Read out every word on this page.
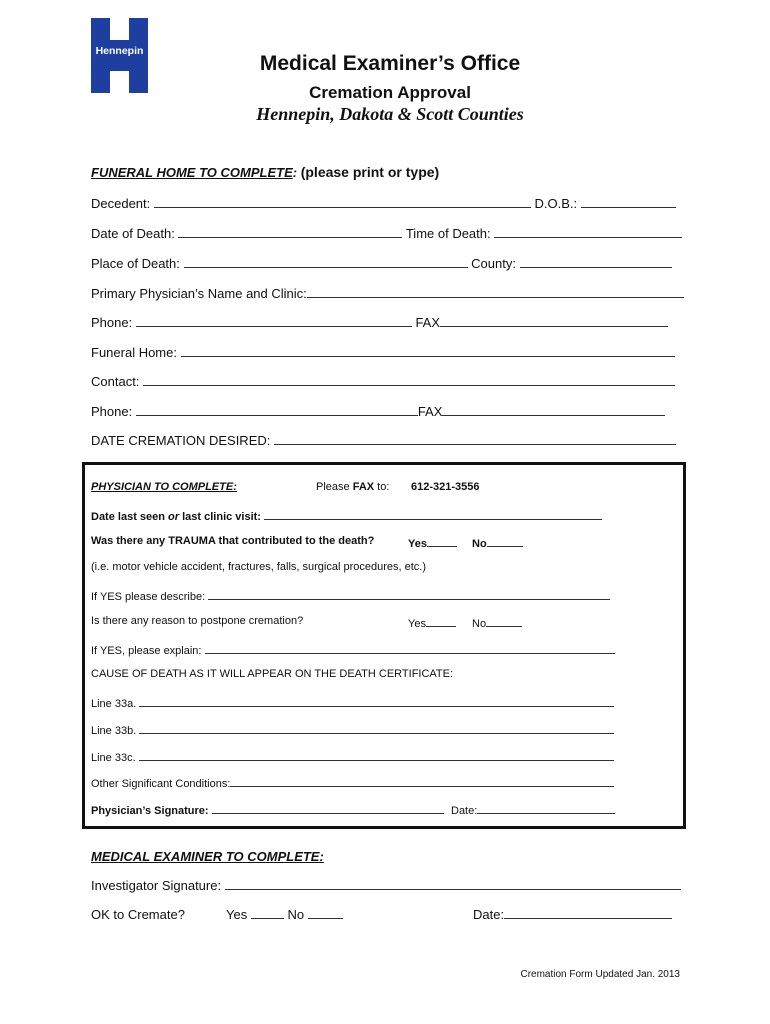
Hennepin
Medical Examiner’s Office
Cremation Approval
Hennepin, Dakota & Scott Counties
FUNERAL HOME TO COMPLETE: (please print or type)
Decedent:	D.O.B.:
Date of Death:	Time of Death:
Place of Death:	County:
Primary Physician’s Name and Clinic:
Phone:	FAX
Funeral Home:
Contact:
Phone:	FAX
DATE CREMATION DESIRED:
PHYSICIAN TO COMPLETE:	Please FAX to: 612-321-3556
Date last seen or last clinic visit:
Was there any TRAUMA that contributed to the death?	Yes	No
(i.e. motor vehicle accident, fractures, falls, surgical procedures, etc.)
If YES please describe:
Is there any reason to postpone cremation?	Yes	No
If YES, please explain:
CAUSE OF DEATH AS IT WILL APPEAR ON THE DEATH CERTIFICATE:
Line 33a.
Line 33b.
Line 33c.
Other Significant Conditions:
Physician’s Signature:	Date:
MEDICAL EXAMINER TO COMPLETE:
Investigator Signature:
OK to Cremate?	Yes	No	Date:
Cremation Form Updated Jan. 2013
